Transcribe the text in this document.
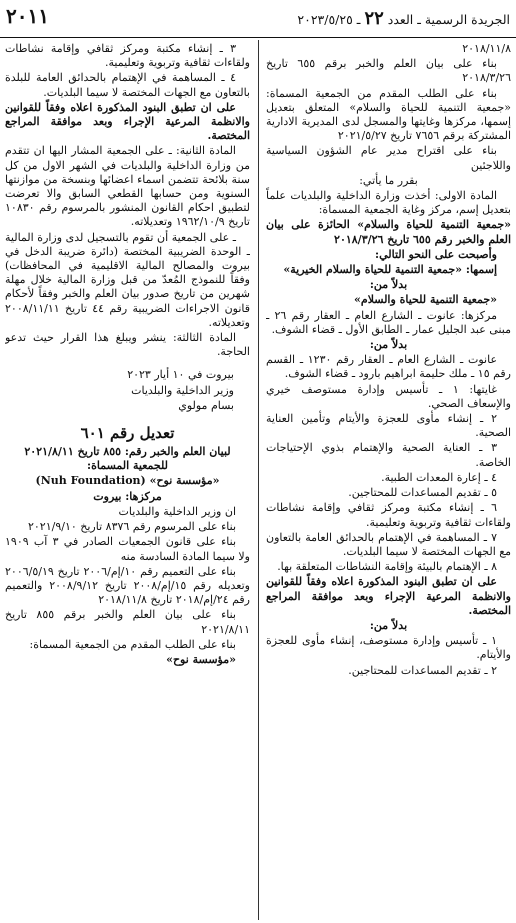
٢٠١١	الجريدة الرسمية ـ العدد ٢٢ ـ ٢٠٢٣/٥/٢٥

٢٠١٨/١١/٨

بناء على بيان العلم والخبر برقم ٦٥٥ تاريخ ٢٠١٨/٣/٢٦

بناء على الطلب المقدم من الجمعية المسماة: «جمعية التنمية للحياة والسلام» المتعلق بتعديل إسمها، مركزها وغايتها والمسجل لدى المديرية الادارية المشتركة برقم ٧٦٥٦ تاريخ ٢٠٢١/٥/٢٧

بناء على اقتراح مدير عام الشؤون السياسية واللاجئين

بقرر ما يأتي:

المادة الاولى: أخذت وزارة الداخلية والبلديات علماً بتعديل إسم، مركز وغاية الجمعية المسماة:

«جمعية التنمية للحياة والسلام» الحائزة على بيان العلم والخبر رقم ٦٥٥ تاريخ ٢٠١٨/٣/٢٦

وأصبحت على النحو التالي:

إسمها: «جمعية التنمية للحياة والسلام الخيرية»

بدلاً من:

«جمعية التنمية للحياة والسلام»

مركزها: عانوت ـ الشارع العام ـ العقار رقم ٢٦ ـ مبنى عبد الجليل عمار ـ الطابق الأول ـ قضاء الشوف.

بدلاً من:

عانوت ـ الشارع العام ـ العقار رقم ١٢٣٠ ـ القسم رقم ١٥ ـ ملك حليمة ابراهيم بارود ـ قضاء الشوف.

غايتها: ١ ـ تأسيس وإدارة مستوصف خيري والإسعاف الصحي.

٢ ـ إنشاء مأوى للعجزة والأيتام وتأمين العناية الصحية.

٣ ـ العناية الصحية والإهتمام بذوي الإحتياجات الخاصة.

٤ ـ إعارة المعدات الطبية.

٥ ـ تقديم المساعدات للمحتاجين.

٦ ـ إنشاء مكتبة ومركز ثقافي وإقامة نشاطات ولقاءات ثقافية وتربوية وتعليمية.

٧ ـ المساهمة في الإهتمام بالحدائق العامة بالتعاون مع الجهات المختصة لا سيما البلديات.

٨ ـ الإهتمام بالبيئة وإقامة النشاطات المتعلقة بها.

على ان تطبق البنود المذكورة اعلاه وفقاً للقوانين والانظمة المرعية الإجراء وبعد موافقة المراجع المختصة.

بدلاً من:

١ ـ تأسيس وإدارة مستوصف، إنشاء مأوى للعجزة والأيتام.

٢ ـ تقديم المساعدات للمحتاجين.

٣ ـ إنشاء مكتبة ومركز ثقافي وإقامة نشاطات ولقاءات ثقافية وتربوية وتعليمية.

٤ ـ المساهمة في الإهتمام بالحدائق العامة للبلدة بالتعاون مع الجهات المختصة لا سيما البلديات.

على ان تطبق البنود المذكورة اعلاه وفقاً للقوانين والانظمة المرعية الإجراء وبعد موافقة المراجع المختصة.

المادة الثانية: ـ على الجمعية المشار اليها ان تتقدم من وزارة الداخلية والبلديات في الشهر الاول من كل سنة بلائحة تتضمن اسماء اعضائها وبنسخة من موازنتها السنوية ومن حسابها القطعي السابق والا تعرضت لتطبيق احكام القانون المنشور بالمرسوم رقم ١٠٨٣٠ تاريخ ١٩٦٢/١٠/٩ وتعديلاته.

ـ على الجمعية أن تقوم بالتسجيل لدى وزارة المالية ـ الوحدة الضريبية المختصة (دائرة ضريبة الدخل في بيروت والمصالح المالية الاقليمية في المحافظات) وفقاً للنموذج المُعدّ من قبل وزارة المالية خلال مهلة شهرين من تاريخ صدور بيان العلم والخبر وفقاً لأحكام قانون الاجراءات الضريبية رقم ٤٤ تاريخ ٢٠٠٨/١١/١١ وتعديلاته.

المادة الثالثة: ينشر ويبلغ هذا القرار حيث تدعو الحاجة.

بيروت في ١٠ أيار ٢٠٢٣

وزير الداخلية والبلديات

بسام مولوي

تعديل رقم ٦٠١

لبيان العلم والخبر رقم: ٨٥٥ تاريخ ٢٠٢١/٨/١١ للجمعية المسماة:

«مؤسسة نوح» (Nuh Foundation)

مركزها: بيروت

ان وزير الداخلية والبلديات

بناء على المرسوم رقم ٨٣٧٦ تاريخ ٢٠٢١/٩/١٠

بناء على قانون الجمعيات الصادر في ٣ آب ١٩٠٩ ولا سيما المادة السادسة منه

بناء على التعميم رقم ١٠/إم/٢٠٠٦ تاريخ ٢٠٠٦/٥/١٩ وتعديله رقم ١٥/إم/٢٠٠٨ تاريخ ٢٠٠٨/٩/١٢ والتعميم رقم ٢٤/إم/٢٠١٨ تاريخ ٢٠١٨/١١/٨

بناء على بيان العلم والخبر برقم ٨٥٥ تاريخ ٢٠٢١/٨/١١

بناء على الطلب المقدم من الجمعية المسماة:

«مؤسسة نوح»
